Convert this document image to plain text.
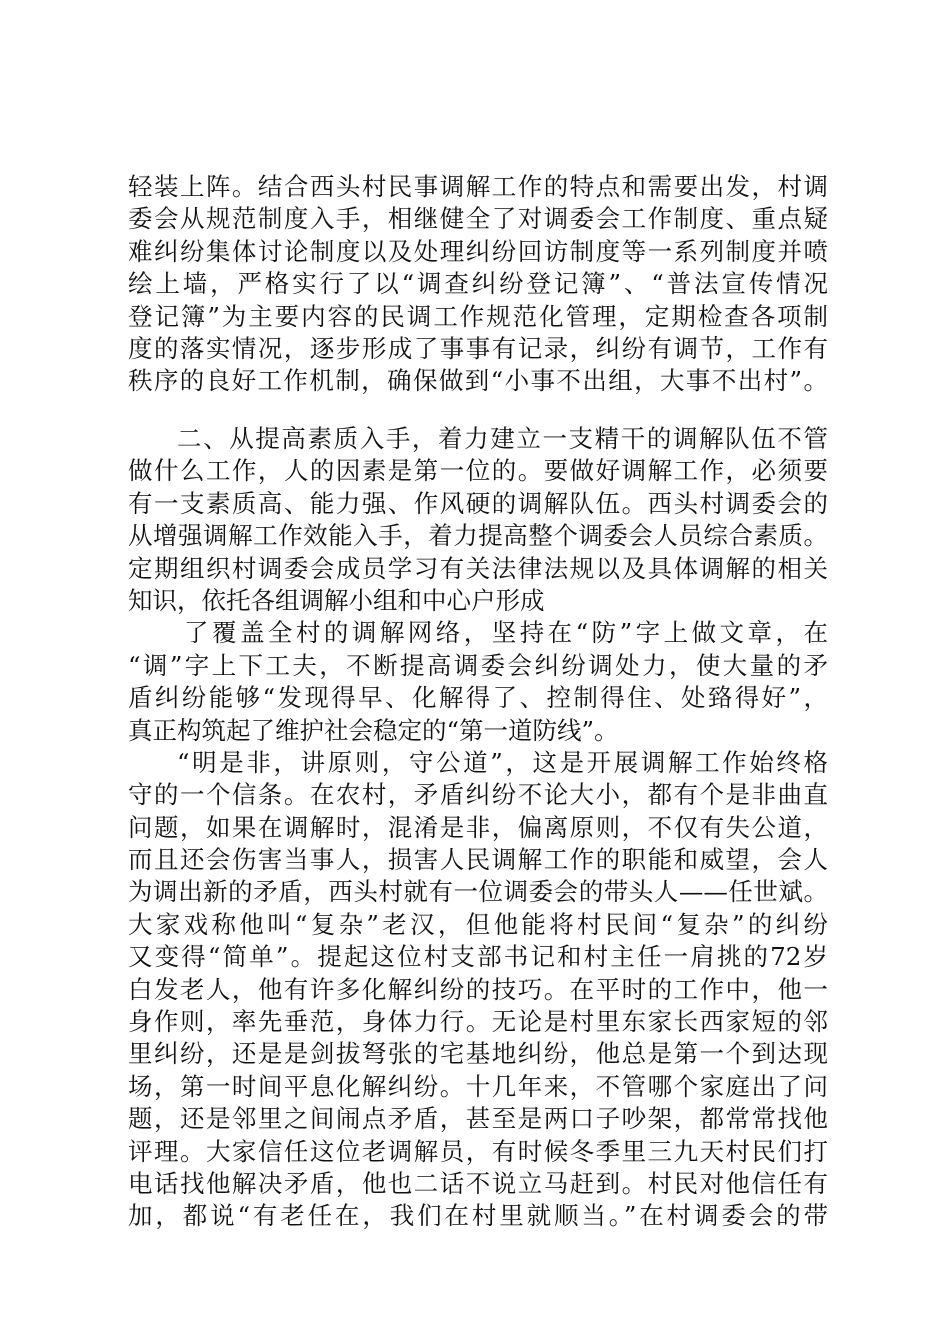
轻装上阵。结合西头村民事调解工作的特点和需要出发，村调
委会从规范制度入手，相继健全了对调委会工作制度、重点疑
难纠纷集体讨论制度以及处理纠纷回访制度等一系列制度并喷
绘上墙，严格实行了以“调查纠纷登记簿”、“普法宣传情况
登记簿”为主要内容的民调工作规范化管理，定期检查各项制
度的落实情况，逐步形成了事事有记录，纠纷有调节，工作有
秩序的良好工作机制，确保做到“小事不出组，大事不出村”。
二、从提高素质入手，着力建立一支精干的调解队伍不管
做什么工作，人的因素是第一位的。要做好调解工作，必须要
有一支素质高、能力强、作风硬的调解队伍。西头村调委会的
从增强调解工作效能入手，着力提高整个调委会人员综合素质。
定期组织村调委会成员学习有关法律法规以及具体调解的相关
知识，依托各组调解小组和中心户形成
了覆盖全村的调解网络，坚持在“防”字上做文章，在
“调”字上下工夫，不断提高调委会纠纷调处力，使大量的矛
盾纠纷能够“发现得早、化解得了、控制得住、处臵得好”，
真正构筑起了维护社会稳定的“第一道防线”。
“明是非，讲原则，守公道”，这是开展调解工作始终格
守的一个信条。在农村，矛盾纠纷不论大小，都有个是非曲直
问题，如果在调解时，混淆是非，偏离原则，不仅有失公道，
而且还会伤害当事人，损害人民调解工作的职能和威望，会人
为调出新的矛盾，西头村就有一位调委会的带头人——任世斌。
大家戏称他叫“复杂”老汉，但他能将村民间“复杂”的纠纷
又变得“简单”。提起这位村支部书记和村主任一肩挑的72岁
白发老人，他有许多化解纠纷的技巧。在平时的工作中，他一
身作则，率先垂范，身体力行。无论是村里东家长西家短的邻
里纠纷，还是是剑拔弩张的宅基地纠纷，他总是第一个到达现
场，第一时间平息化解纠纷。十几年来，不管哪个家庭出了问
题，还是邻里之间闹点矛盾，甚至是两口子吵架，都常常找他
评理。大家信任这位老调解员，有时候冬季里三九天村民们打
电话找他解决矛盾，他也二话不说立马赶到。村民对他信任有
加，都说“有老任在，我们在村里就顺当。”在村调委会的带
